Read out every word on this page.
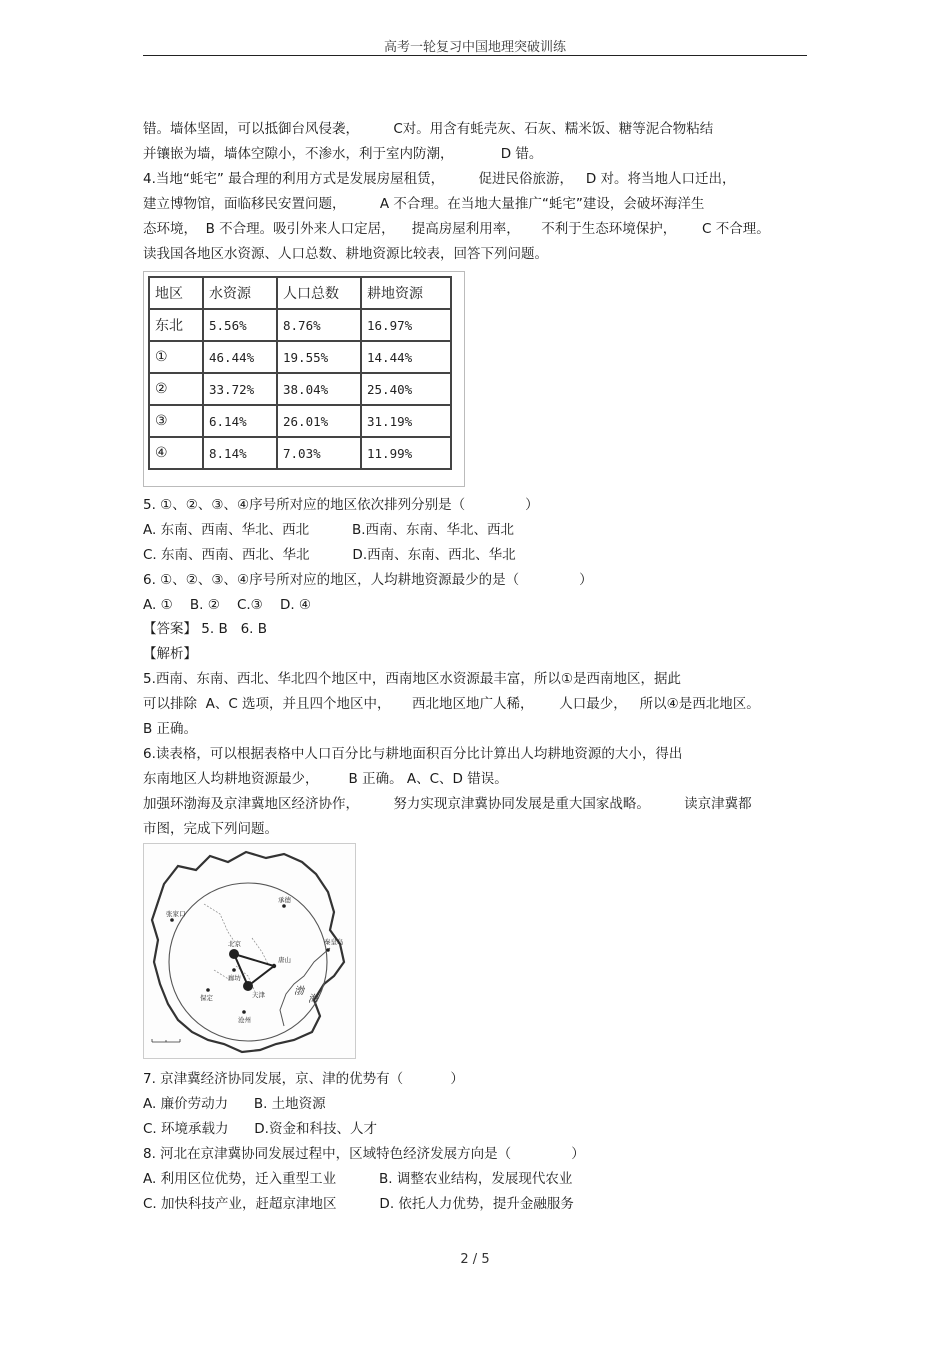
高考一轮复习中国地理突破训练
错。墙体坚固，可以抵御台风侵袭，        C对。用含有蚝壳灰、石灰、糯米饭、糖等泥合物粘结
并镶嵌为墙，墙体空隙小，不渗水，利于室内防潮，           D 错。
4.当地“蚝宅” 最合理的利用方式是发展房屋租赁，        促进民俗旅游，   D 对。将当地人口迁出，
建立博物馆，面临移民安置问题，        A 不合理。在当地大量推广“蚝宅”建设，会破坏海洋生
态环境，  B 不合理。吸引外来人口定居，    提高房屋利用率，     不利于生态环境保护，      C 不合理。
读我国各地区水资源、人口总数、耕地资源比较表，回答下列问题。
地区	水资源	人口总数	耕地资源
东北	5.56%	8.76%	16.97%
①	46.44%	19.55%	14.44%
②	33.72%	38.04%	25.40%
③	6.14%	26.01%	31.19%
④	8.14%	7.03%	11.99%
5. ①、②、③、④序号所对应的地区依次排列分别是（              ）
A. 东南、西南、华北、西北          B.西南、东南、华北、西北
C. 东南、西南、西北、华北          D.西南、东南、西北、华北
6. ①、②、③、④序号所对应的地区，人均耕地资源最少的是（              ）
A. ①    B. ②    C.③    D. ④
【答案】 5. B   6. B
【解析】
5.西南、东南、西北、华北四个地区中，西南地区水资源最丰富，所以①是西南地区，据此
可以排除  A、C 选项，并且四个地区中，     西北地区地广人稀，      人口最少，   所以④是西北地区。
B 正确。
6.读表格，可以根据表格中人口百分比与耕地面积百分比计算出人均耕地资源的大小，得出
东南地区人均耕地资源最少，       B 正确。 A、C、D 错误。
加强环渤海及京津冀地区经济协作，        努力实现京津冀协同发展是重大国家战略。        读京津冀都
市图，完成下列问题。
张家口
承德
北京
唐山
廊坊
保定	天津
沧州
秦皇岛
渤
海
7. 京津冀经济协同发展，京、津的优势有（           ）
A. 廉价劳动力      B. 土地资源
C. 环境承载力      D.资金和科技、人才
8. 河北在京津冀协同发展过程中，区域特色经济发展方向是（              ）
A. 利用区位优势，迁入重型工业          B. 调整农业结构，发展现代农业
C. 加快科技产业，赶超京津地区          D. 依托人力优势，提升金融服务
2 / 5
